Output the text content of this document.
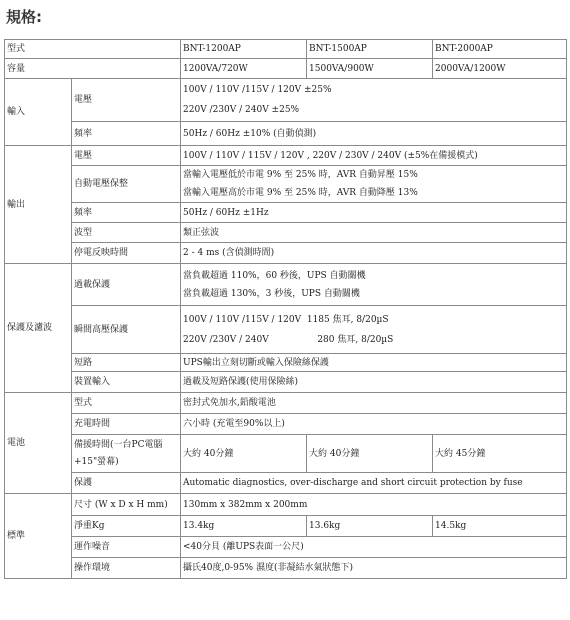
規格:
型式		BNT-1200AP	BNT-1500AP	BNT-2000AP
容量		1200VA/720W	1500VA/900W	2000VA/1200W
輸入	電壓	100V / 110V /115V / 120V ±25%
220V /230V / 240V ±25%		

	頻率	50Hz / 60Hz ±10% (自動偵測)		
輸出	電壓	100V / 110V / 115V / 120V , 220V / 230V / 240V (±5%在備援模式)		
	自動電壓保整	當輸入電壓低於市電 9% 至 25% 時，AVR 自動昇壓 15%
當輸入電壓高於市電 9% 至 25% 時，AVR 自動降壓 13%		

	頻率	50Hz / 60Hz ±1Hz		
	波型	類正弦波		
	停電反映時間	2 - 4 ms (含偵測時間)		
保護及濾波	過載保護	當負載超過 110%，60 秒後，UPS 自動關機
當負載超過 130%，3 秒後，UPS 自動關機		

	瞬間高壓保護	100V / 110V /115V / 120V  1185 焦耳, 8/20µS
220V /230V / 240V                 280 焦耳, 8/20µS		

	短路	UPS輸出立刻切斷或輸入保險絲保護		
	裝置輸入	過載及短路保護(使用保險絲)		
電池	型式	密封式免加水,鉛酸電池		
	充電時間	六小時 (充電至90%以上)		

	備援時間(一台PC電腦
+15"螢幕)	大約 40分鐘	大約 40分鐘	大約 45分鐘
	保護	Automatic diagnostics, over-discharge and short circuit protection by fuse		
標準	尺寸 (W x D x H mm)	130mm x 382mm x 200mm		
	淨重Kg	13.4kg	13.6kg	14.5kg
	運作噪音	<40分貝 (離UPS表面一公尺)		
	操作環境	攝氏40度,0-95% 濕度(非凝結水氣狀態下)		
